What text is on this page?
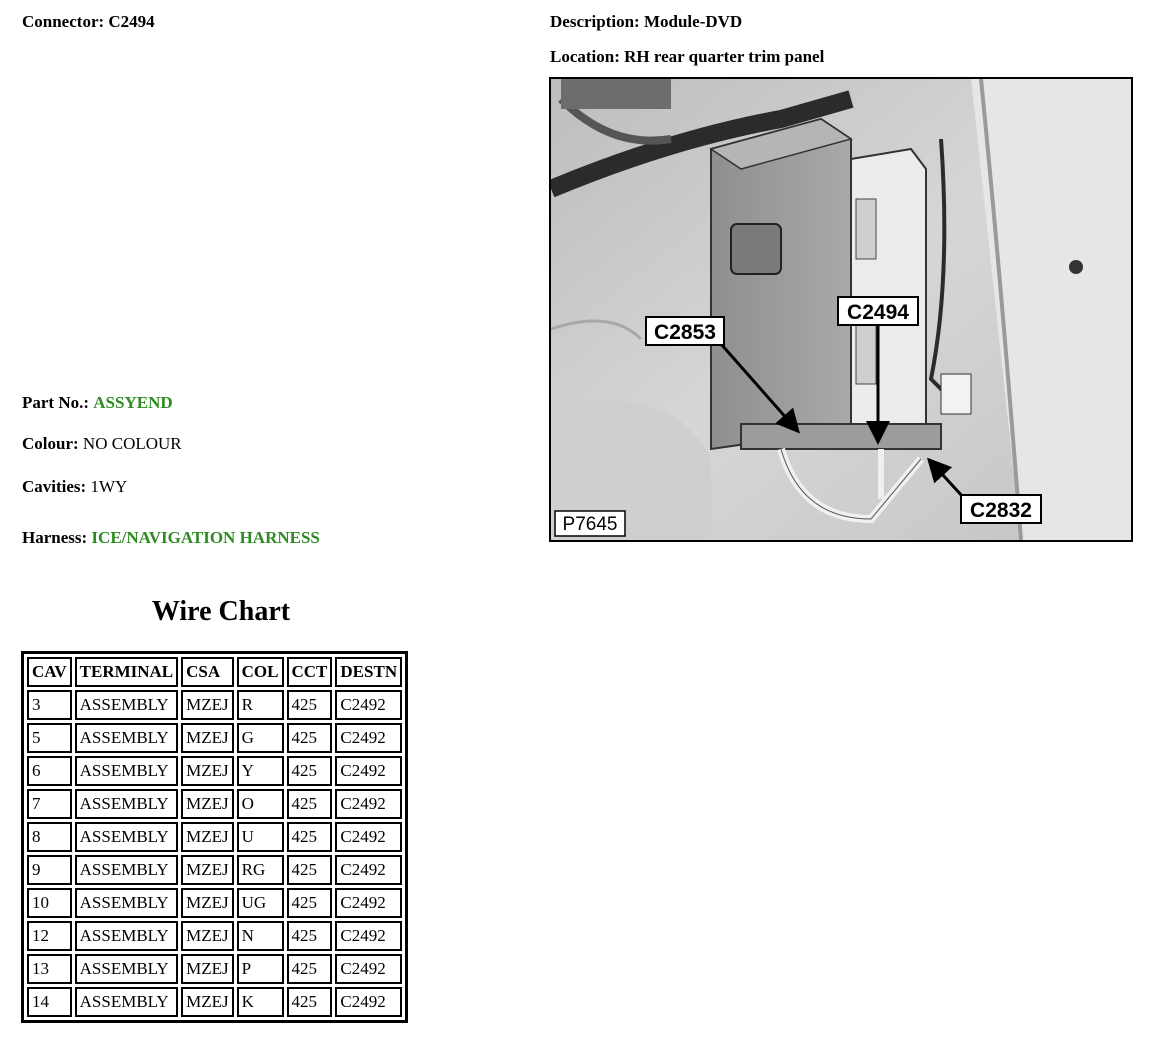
Connector: C2494	Description: Module-DVD
Location: RH rear quarter trim panel
Part No.: ASSYEND
Colour: NO COLOUR
Cavities: 1WY
Harness: ICE/NAVIGATION HARNESS
C2853
C2494
C2832
P7645
Wire Chart
CAV	TERMINAL	CSA	COL	CCT	DESTN
3	ASSEMBLY	MZEJ	R	425	C2492
5	ASSEMBLY	MZEJ	G	425	C2492
6	ASSEMBLY	MZEJ	Y	425	C2492
7	ASSEMBLY	MZEJ	O	425	C2492
8	ASSEMBLY	MZEJ	U	425	C2492
9	ASSEMBLY	MZEJ	RG	425	C2492
10	ASSEMBLY	MZEJ	UG	425	C2492
12	ASSEMBLY	MZEJ	N	425	C2492
13	ASSEMBLY	MZEJ	P	425	C2492
14	ASSEMBLY	MZEJ	K	425	C2492
